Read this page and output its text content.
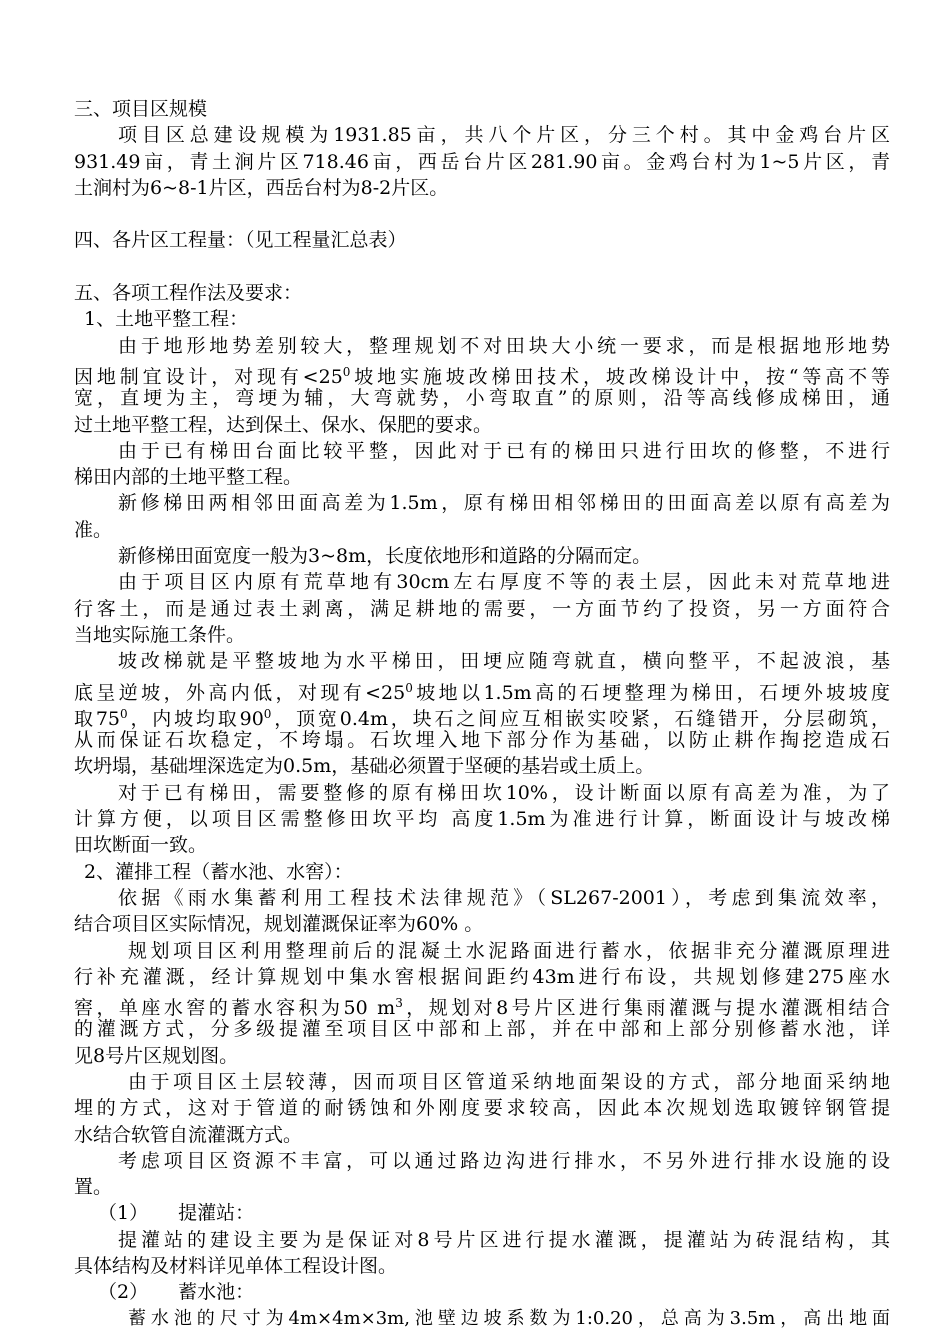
三、项目区规模
项目区总建设规模为1931.85亩，共八个片区，分三个村。其中金鸡台片区
931.49亩，青土涧片区718.46亩，西岳台片区281.90亩。金鸡台村为1~5片区，青
土涧村为6~8-1片区，西岳台村为8-2片区。
四、各片区工程量：（见工程量汇总表）
五、各项工程作法及要求：
1、土地平整工程：
由于地形地势差别较大，整理规划不对田块大小统一要求，而是根据地形地势
因地制宜设计，对现有$<25^0$坡地实施坡改梯田技术，坡改梯设计中，按“等高不等
宽，直埂为主，弯埂为辅，大弯就势，小弯取直”的原则，沿等高线修成梯田，通
过土地平整工程，达到保土、保水、保肥的要求。
由于已有梯田台面比较平整，因此对于已有的梯田只进行田坎的修整，不进行
梯田内部的土地平整工程。
新修梯田两相邻田面高差为1.5m，原有梯田相邻梯田的田面高差以原有高差为
准。
新修梯田面宽度一般为3~8m，长度依地形和道路的分隔而定。
由于项目区内原有荒草地有30cm左右厚度不等的表土层，因此未对荒草地进
行客土，而是通过表土剥离，满足耕地的需要，一方面节约了投资，另一方面符合
当地实际施工条件。
坡改梯就是平整坡地为水平梯田，田埂应随弯就直，横向整平，不起波浪，基
底呈逆坡，外高内低，对现有$<25^0$坡地以1.5m高的石埂整理为梯田，石埂外坡坡度
取$75^0$，内坡均取$90^0$，顶宽0.4m，块石之间应互相嵌实咬紧，石缝错开，分层砌筑，
从而保证石坎稳定，不垮塌。石坎埋入地下部分作为基础，以防止耕作掏挖造成石
坎坍塌，基础埋深选定为0.5m，基础必须置于坚硬的基岩或土质上。
对于已有梯田，需要整修的原有梯田坎10%，设计断面以原有高差为准，为了
计算方便，以项目区需整修田坎平均 高度1.5m为准进行计算，断面设计与坡改梯
田坎断面一致。
2、灌排工程（蓄水池、水窖）：
依据《雨水集蓄利用工程技术法律规范》（SL267-2001），考虑到集流效率，
结合项目区实际情况，规划灌溉保证率为60% 。
规划项目区利用整理前后的混凝土水泥路面进行蓄水，依据非充分灌溉原理进
行补充灌溉，经计算规划中集水窖根据间距约43m进行布设，共规划修建275座水
窖，单座水窖的蓄水容积为50 $m^3$，规划对8号片区进行集雨灌溉与提水灌溉相结合
的灌溉方式，分多级提灌至项目区中部和上部，并在中部和上部分别修蓄水池，详
见8号片区规划图。
由于项目区土层较薄，因而项目区管道采纳地面架设的方式，部分地面采纳地
埋的方式，这对于管道的耐锈蚀和外刚度要求较高，因此本次规划选取镀锌钢管提
水结合软管自流灌溉方式。
考虑项目区资源不丰富，可以通过路边沟进行排水，不另外进行排水设施的设
置。
（1） 提灌站：
提灌站的建设主要为是保证对8号片区进行提水灌溉，提灌站为砖混结构，其
具体结构及材料详见单体工程设计图。
（2） 蓄水池：
蓄水池的尺寸为4m×4m×3m,池壁边坡系数为1:0.20，总高为3.5m，高出地面
